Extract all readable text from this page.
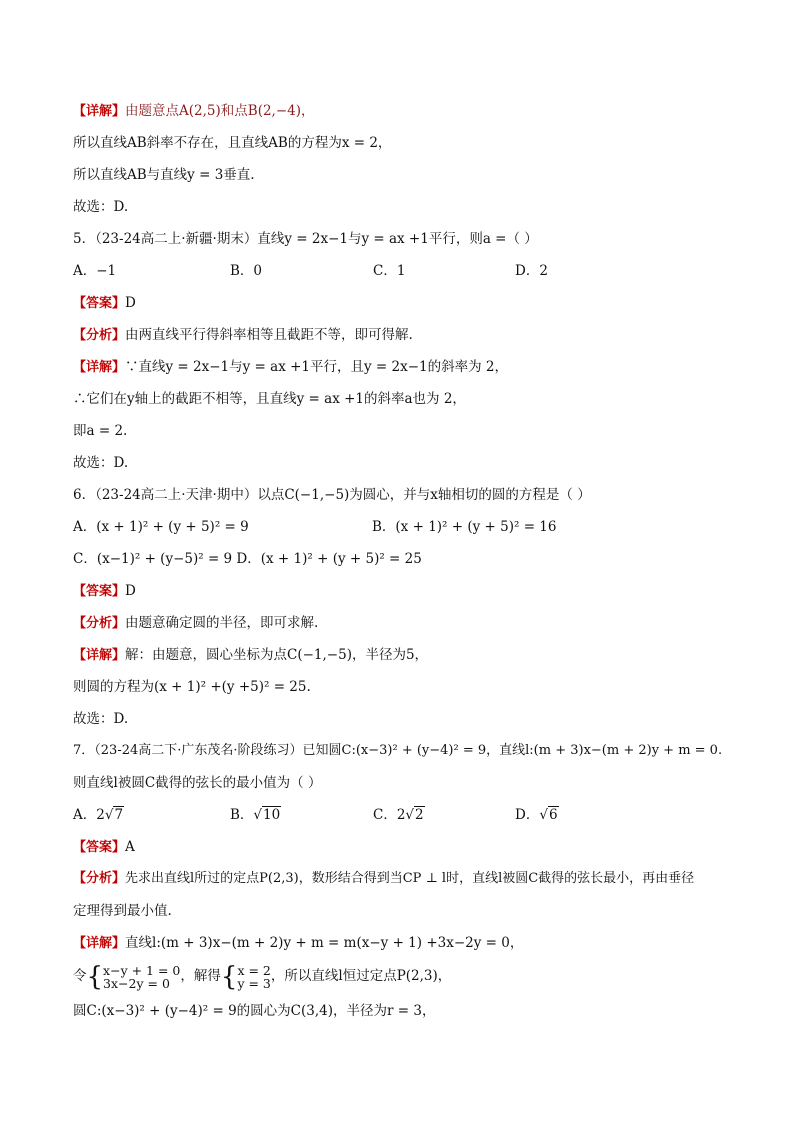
【详解】由题意点A(2,5)和点B(2,−4)，
所以直线AB斜率不存在，且直线AB的方程为x = 2，
所以直线AB与直线y = 3垂直.
故选：D.
5．（23-24高二上·新疆·期末）直线y = 2x−1与y = ax +1平行，则a =（ ）
A．−1	B．0	C．1	D．2
【答案】D
【分析】由两直线平行得斜率相等且截距不等，即可得解.
【详解】∵直线y = 2x−1与y = ax +1平行，且y = 2x−1的斜率为 2，
∴它们在y轴上的截距不相等，且直线y = ax +1的斜率a也为 2，
即a = 2.
故选：D.
6．（23-24高二上·天津·期中）以点C(−1,−5)为圆心，并与x轴相切的圆的方程是（ ）
A．(x + 1)² + (y + 5)² = 9	B．(x + 1)² + (y + 5)² = 16
C．(x−1)² + (y−5)² = 9 D．(x + 1)² + (y + 5)² = 25
【答案】D
【分析】由题意确定圆的半径，即可求解.
【详解】解：由题意，圆心坐标为点C(−1,−5)，半径为5，
则圆的方程为(x + 1)² +(y +5)² = 25.
故选：D.
7．（23-24高二下·广东茂名·阶段练习）已知圆C:(x−3)² + (y−4)² = 9，直线l:(m + 3)x−(m + 2)y + m = 0.
则直线l被圆C截得的弦长的最小值为（ ）
A．2√7	B．√10	C．2√2	D．√6
【答案】A
【分析】先求出直线l所过的定点P(2,3)，数形结合得到当CP ⊥ l时，直线l被圆C截得的弦长最小，再由垂径
定理得到最小值.
【详解】直线l:(m + 3)x−(m + 2)y + m = m(x−y + 1) +3x−2y = 0，
令{ x−y + 1 = 0
3x−2y = 0 ，解得{ x = 2
y = 3 ，所以直线l恒过定点P(2,3)，
圆C:(x−3)² + (y−4)² = 9的圆心为C(3,4)，半径为r = 3，
